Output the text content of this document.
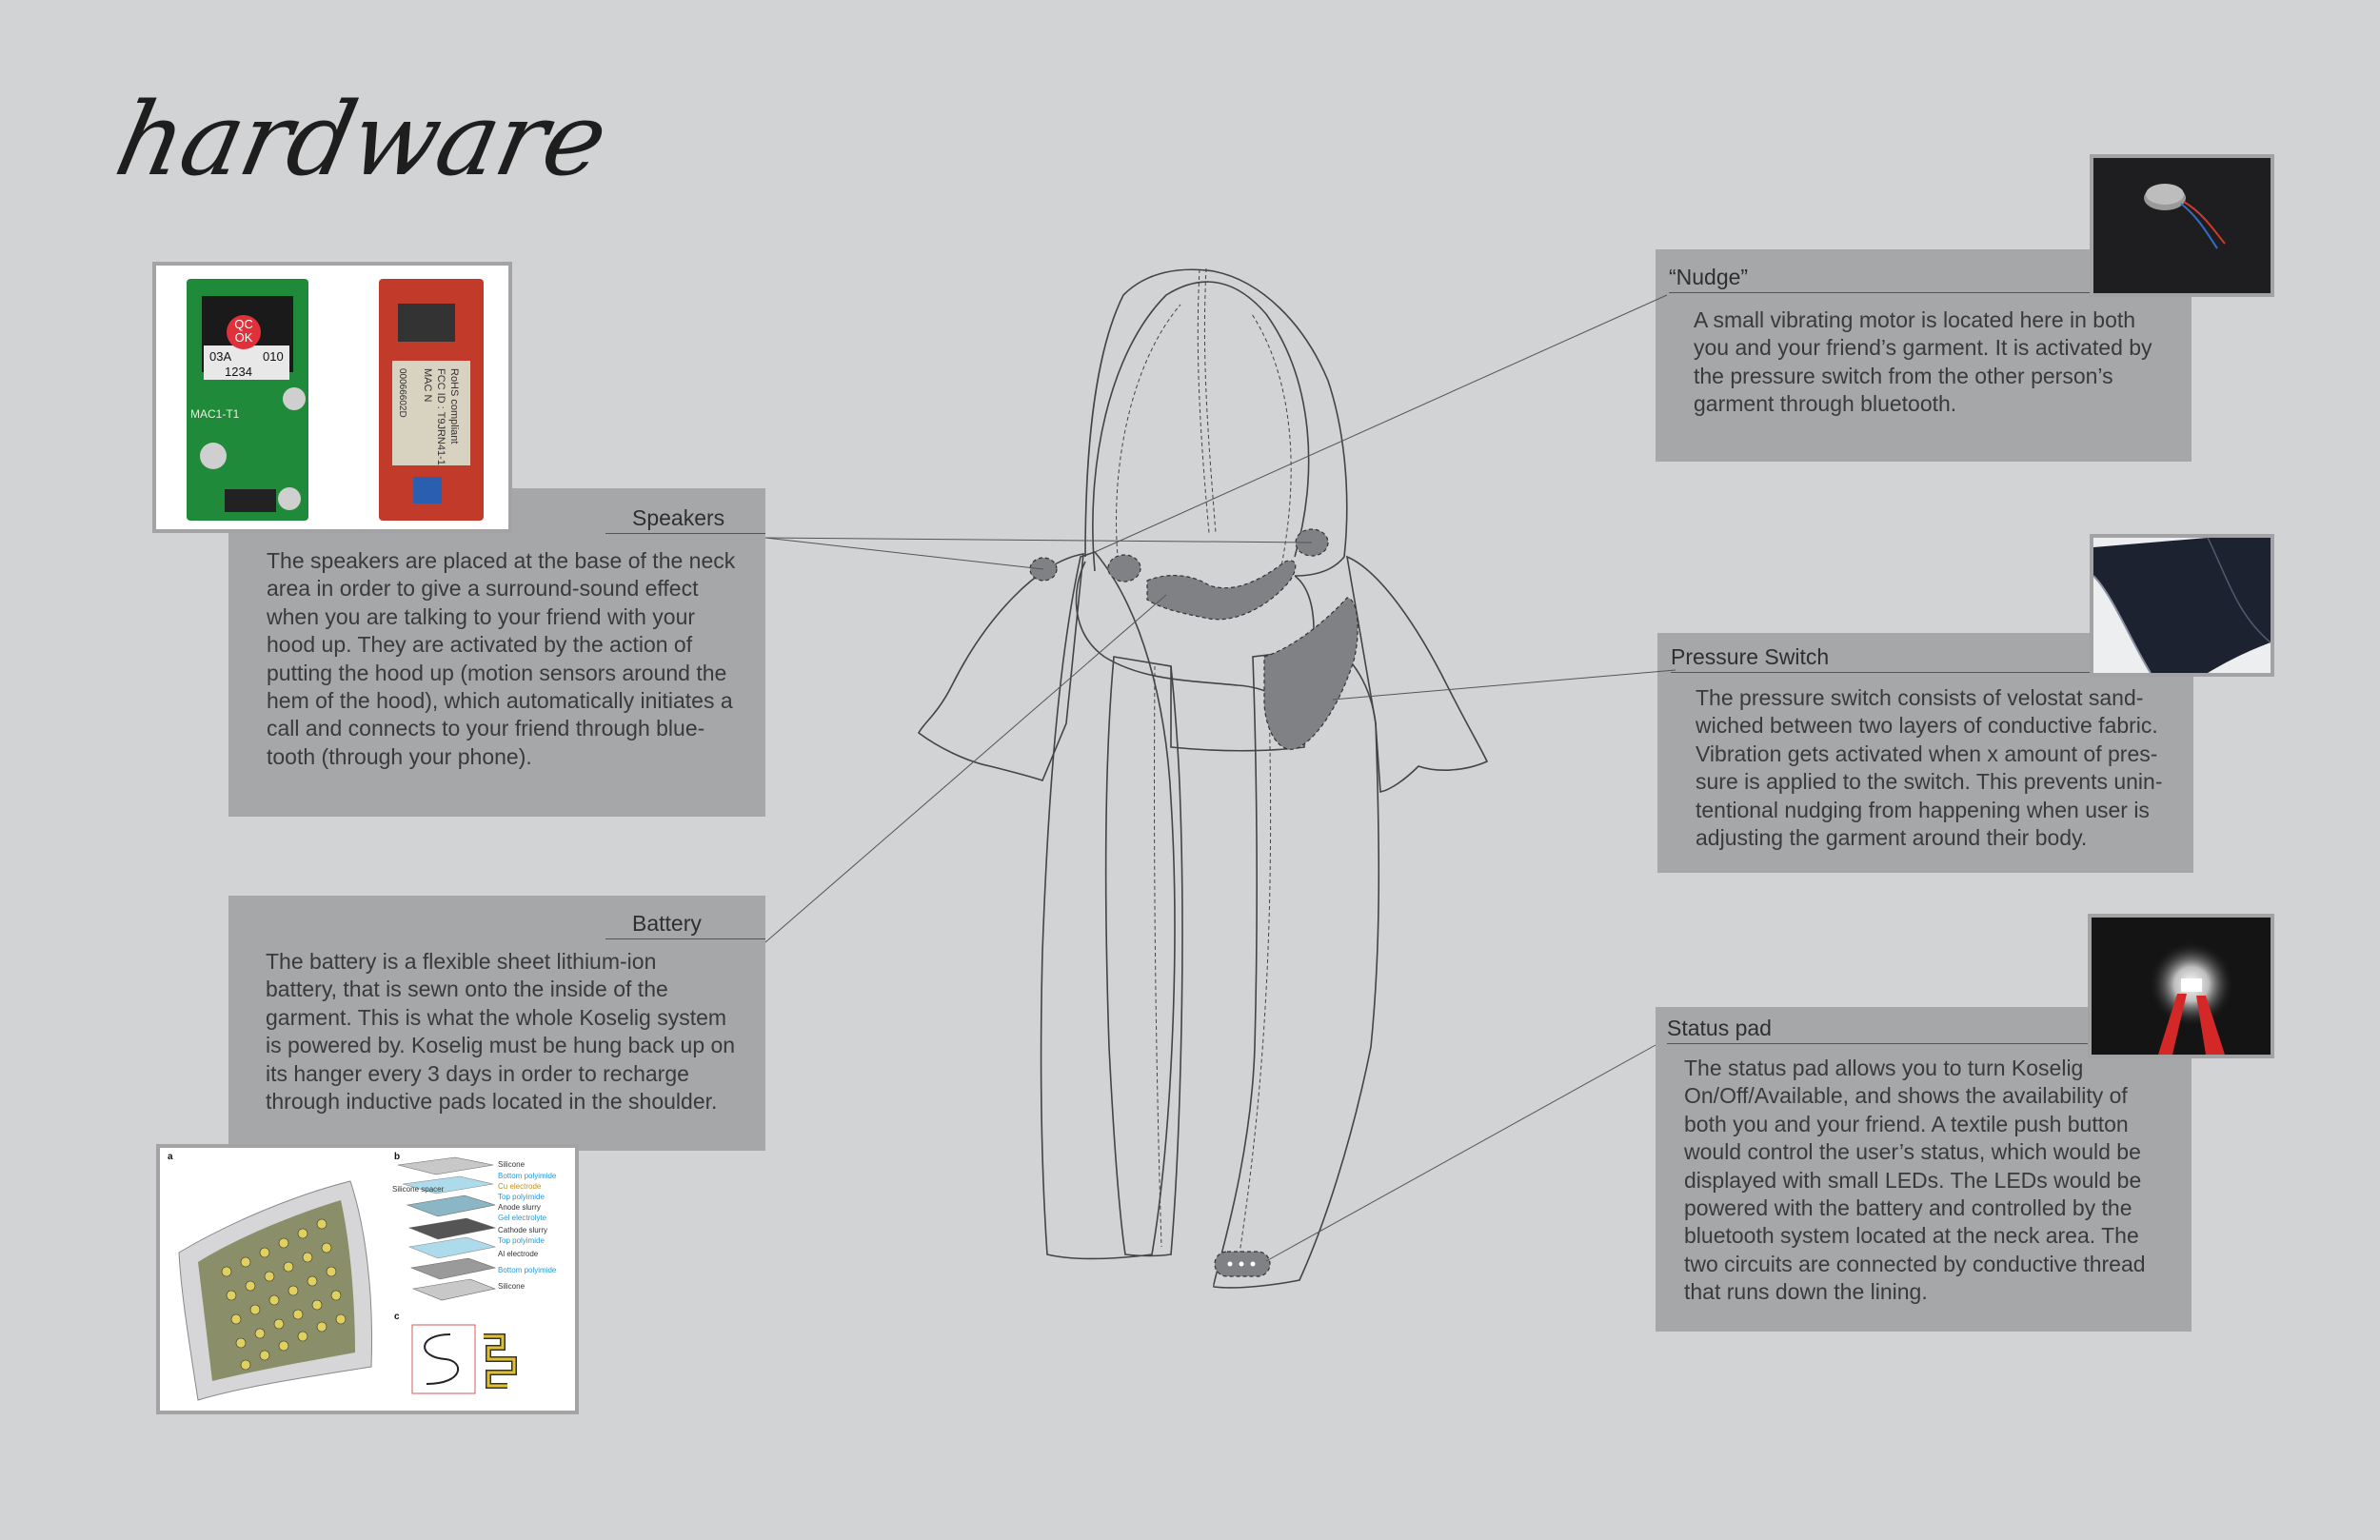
hardware
Speakers
The speakers are placed at the base of the neck
area in order to give a surround-sound effect
when you are talking to your friend with your
hood up. They are activated by the action of
putting the hood up (motion sensors around the
hem of the hood), which automatically initiates a
call and connects to your friend through blue-
tooth (through your phone).
Battery
The battery is a flexible sheet lithium-ion
battery, that is sewn onto the inside of the
garment. This is what the whole Koselig system
is powered by. Koselig must be hung back up on
its hanger every 3 days in order to recharge
through inductive pads located in the shoulder.
“Nudge”
A small vibrating motor is located here in both
you and your friend’s garment. It is activated by
the pressure switch from the other person’s
garment through bluetooth.
Pressure Switch
The pressure switch consists of velostat sand-
wiched between two layers of conductive fabric.
Vibration gets activated when x amount of pres-
sure is applied to the switch. This prevents unin-
tentional nudging from happening when user is
adjusting the garment around their body.
Status pad
The status pad allows you to turn Koselig
On/Off/Available, and shows the availability of
both you and your friend. A textile push button
would control the user’s status, which would be
displayed with small LEDs. The LEDs would be
powered with the battery and controlled by the
bluetooth system located at the neck area. The
two circuits are connected by conductive thread
that runs down the lining.
QC
OK
03A	010
1234
MAC1-T1
MAC N FCC ID : T9JRN41-1 RoHS compliant
00066602D
a	b
c
Silicone spacer
Silicone
Bottom polyimide
Cu electrode
Top polyimide
Anode slurry
Gel electrolyte
Cathode slurry
Top polyimide
Al electrode
Bottom polyimide
Silicone
